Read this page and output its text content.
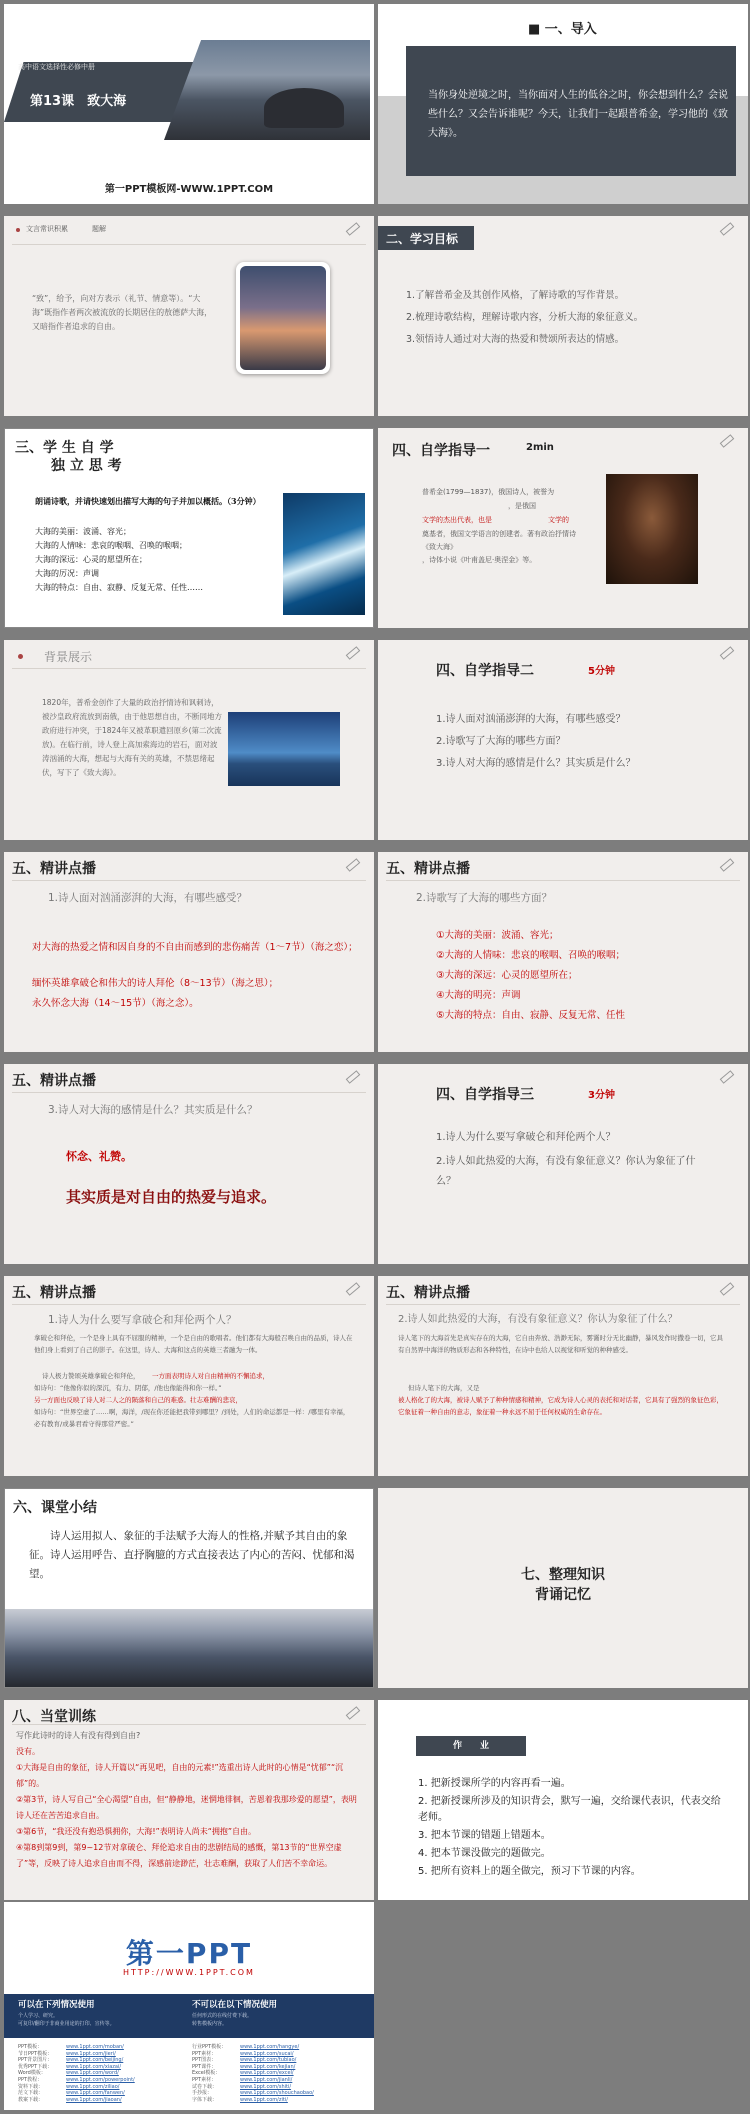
高中语文选择性必修中册
第13课　致大海
第一PPT模板网-WWW.1PPT.COM
■ 一、导入
当你身处逆境之时，当你面对人生的低谷之时，你会想到什么？会说些什么？又会告诉谁呢？今天，让我们一起跟普希金，学习他的《致大海》。
文言常识积累	题解
“致”，给予，向对方表示（礼节、情意等）。“大海”既指作者两次被流放的长期居住的敖德萨大海，又暗指作者追求的自由。
二、学习目标
1.了解普希金及其创作风格，了解诗歌的写作背景。
2.梳理诗歌结构，理解诗歌内容，分析大海的象征意义。
3.领悟诗人通过对大海的热爱和赞颂所表达的情感。
三、学 生 自 学
独 立 思 考
朗诵诗歌，并请快速划出描写大海的句子并加以概括。（3分钟）
大海的美丽：波涌、容光；
大海的人情味：悲哀的喉咽、召唤的喉咽；
大海的深远：心灵的愿望所在；
大海的厉况：声调
大海的特点：自由、寂静、反复无常、任性……
四、自学指导一	2min
普希金(1799—1837)，俄国诗人，被誉为
，是俄国
文学的杰出代表，也是	文学的
奠基者，俄国文学语言的创建者。著有政治抒情诗《致大海》
，诗体小说《叶甫盖尼·奥涅金》等。
背景展示
1820年，普希金创作了大量的政治抒情诗和讽刺诗，被沙皇政府流放到南俄，由于他思想自由，不断同地方政府进行冲突，于1824年又被革职遣回原乡(第二次流放)。在临行前，诗人登上高加索海边的岩石，面对波涛汹涌的大海，想起与大海有关的英雄，不禁思绪起伏，写下了《致大海》。
四、自学指导二	5分钟
1.诗人面对汹涌澎湃的大海，有哪些感受？
2.诗歌写了大海的哪些方面？
3.诗人对大海的感情是什么？其实质是什么？
五、精讲点播
1.诗人面对汹涌澎湃的大海，有哪些感受？
对大海的热爱之情和因自身的不自由而感到的悲伤痛苦（1～7节）（海之恋）；
缅怀英雄拿破仑和伟大的诗人拜伦（8～13节）（海之思）；
永久怀念大海（14～15节）（海之念）。
五、精讲点播
2.诗歌写了大海的哪些方面？
①大海的美丽：波涌、容光；
②大海的人情味：悲哀的喉咽、召唤的喉咽；
③大海的深远：心灵的愿望所在；
④大海的明亮：声调
⑤大海的特点：自由、寂静、反复无常、任性
五、精讲点播
3.诗人对大海的感情是什么？其实质是什么？
怀念、礼赞。
其实质是对自由的热爱与追求。
四、自学指导三	3分钟
1.诗人为什么要写拿破仑和拜伦两个人？
2.诗人如此热爱的大海，有没有象征意义？你认为象征了什么？
五、精讲点播
1.诗人为什么要写拿破仑和拜伦两个人？
拿破仑和拜伦，一个是身上具有不屈服的精神，一个是自由的歌唱者。他们都有大海般召唤自由的品质，诗人在他们身上看到了自己的影子。在这里，诗人、大海和这点的英雄三者融为一体。
诗人极力赞颂英雄拿破仑和拜伦， 一方面表明诗人对自由精神的不懈追求，
如诗句：“他像你似的深沉，有力、阴郁，/他也像能得和你一样。”
另一方面也反映了诗人对二人之的陨落和自己的难惑。壮志难酬的悲哀，
如诗句：“世界空虚了……啊，海洋，/现在你还能把我带到哪里？/到处，人们的命运都是一样：/哪里有幸福，必有教育/或暴君看守得那常严密。”
五、精讲点播
2.诗人如此热爱的大海，有没有象征意义？你认为象征了什么？
诗人笔下的大海首先是真实存在的大海，它自由奔放、浩渺无际，雾霭时分无比幽静，暴风发作时撒卷一切，它具有自然界中海洋的物质形态和各种特性，在诗中也给人以视觉和听觉的种种感受。
但诗人笔下的大海，又是
被人格化了的大海，被诗人赋予了种种情感和精神，它成为诗人心灵的表托和对话者，它具有了强烈的象征色彩，它象征着一种自由的意志，象征着一种永远不屈于任何权威的生命存在。
六、课堂小结
诗人运用拟人、象征的手法赋予大海人的性格,并赋予其自由的象征。诗人运用呼告、直抒胸臆的方式直接表达了内心的苦闷、忧郁和渴望。	七、整理知识
背诵记忆
八、当堂训练
写作此诗时的诗人有没有得到自由?
没有。
①大海是自由的象征，诗人开篇以“再见吧，自由的元素!”选重出诗人此时的心情是“忧郁”“沉郁”的。
②第3节，诗人写自己“全心渴望”自由，但“静静地，迷惘地徘徊，苦恩着我那珍爱的愿望”，表明诗人还在苦苦追求自由。
③第6节，“我还没有抱恐惧拥你，大海!”表明诗人尚未“拥抱”自由。
④第8到第9到，第9~12节对拿破仑、拜伦追求自由的悲剧结局的感慨，第13节的“世界空虚了”等，反映了诗人追求自由而不得，深感前途渺茫，壮志难酬，获取了人们苦不幸命运。
作　　业
1. 把新授课所学的内容再看一遍。
2. 把新授课所涉及的知识背会，默写一遍，交给课代表识，代表交给老师。
3. 把本节课的错题上错题本。
4. 把本节课没做完的题做完。
5. 把所有资料上的题全做完，预习下节课的内容。
第一PPT
HTTP://WWW.1PPT.COM
可以在下列情况使用
个人学习、研究。
可复印/翻印于非商业用途的打印、宣传等。
不可以在以下情况使用
任何形式的在线付费下载。
转售模板内容。
PPT模板：	www.1ppt.com/moban/
节日PPT模板：	www.1ppt.com/jieri/
PPT背景图片：	www.1ppt.com/beijing/
优秀PPT下载：	www.1ppt.com/xiazai/
Word模板：	www.1ppt.com/word/
PPT教程：	www.1ppt.com/powerpoint/
资料下载：	www.1ppt.com/ziliao/
范文下载：	www.1ppt.com/fanwen/
教案下载：	www.1ppt.com/jiaoan/
行业PPT模板：	www.1ppt.com/hangye/
PPT素材：	www.1ppt.com/sucai/
PPT图表：	www.1ppt.com/tubiao/
PPT课件：	www.1ppt.com/kejian/
Excel模板：	www.1ppt.com/excel/
PPT素材：	www.1ppt.com/jianli/
试卷下载：	www.1ppt.com/shiti/
手抄报：	www.1ppt.com/shouchaobao/
字体下载：	www.1ppt.com/ziti/
